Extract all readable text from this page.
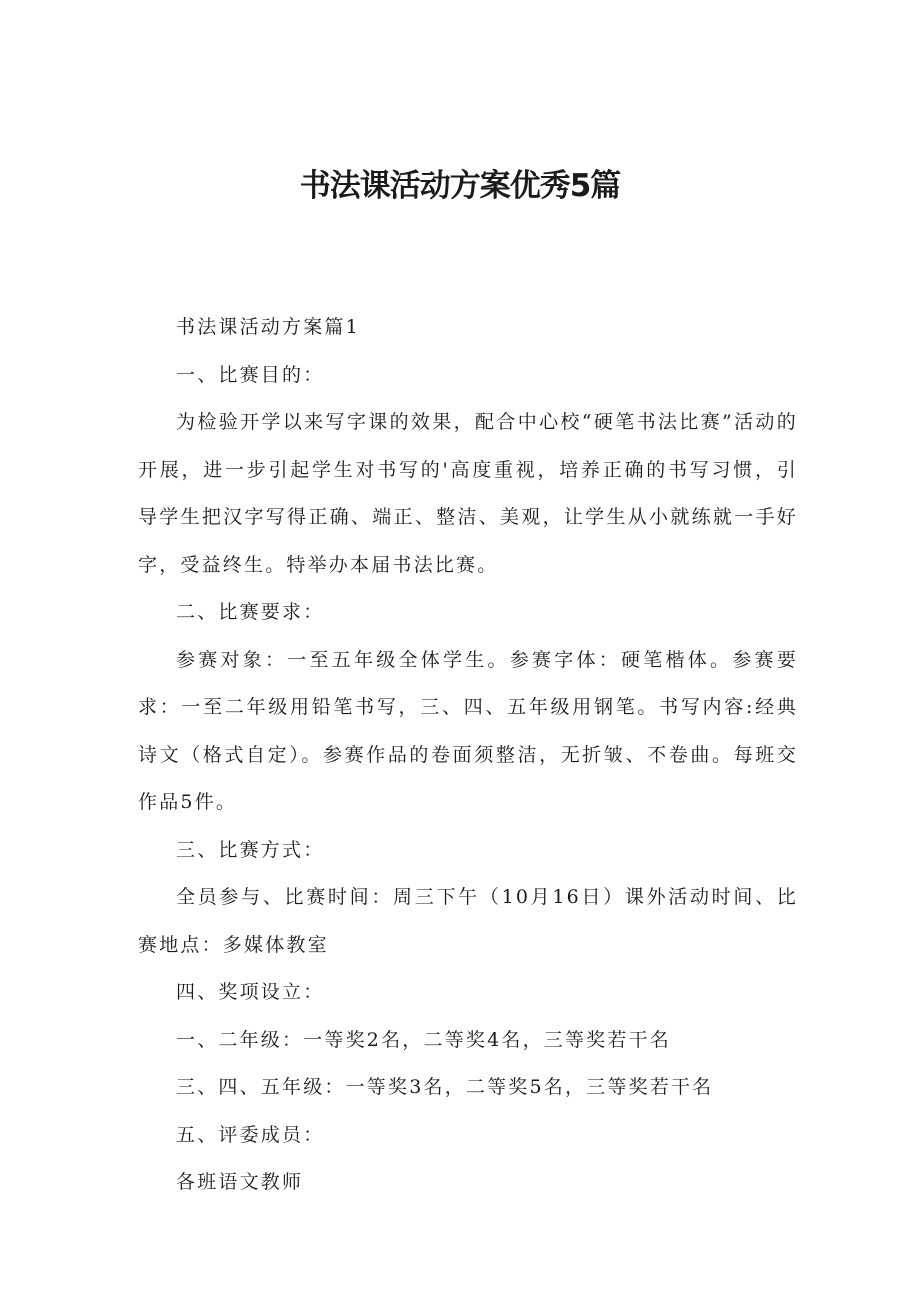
书法课活动方案优秀5篇

书法课活动方案篇1

一、比赛目的：

为检验开学以来写字课的效果，配合中心校“硬笔书法比赛”活动的开展，进一步引起学生对书写的'高度重视，培养正确的书写习惯，引导学生把汉字写得正确、端正、整洁、美观，让学生从小就练就一手好字，受益终生。特举办本届书法比赛。

二、比赛要求：

参赛对象：一至五年级全体学生。参赛字体：硬笔楷体。参赛要求：一至二年级用铅笔书写，三、四、五年级用钢笔。书写内容:经典诗文（格式自定）。参赛作品的卷面须整洁，无折皱、不卷曲。每班交作品5件。

三、比赛方式：

全员参与、比赛时间：周三下午（10月16日）课外活动时间、比赛地点：多媒体教室

四、奖项设立：

一、二年级：一等奖2名，二等奖4名，三等奖若干名

三、四、五年级：一等奖3名，二等奖5名，三等奖若干名

五、评委成员：

各班语文教师
